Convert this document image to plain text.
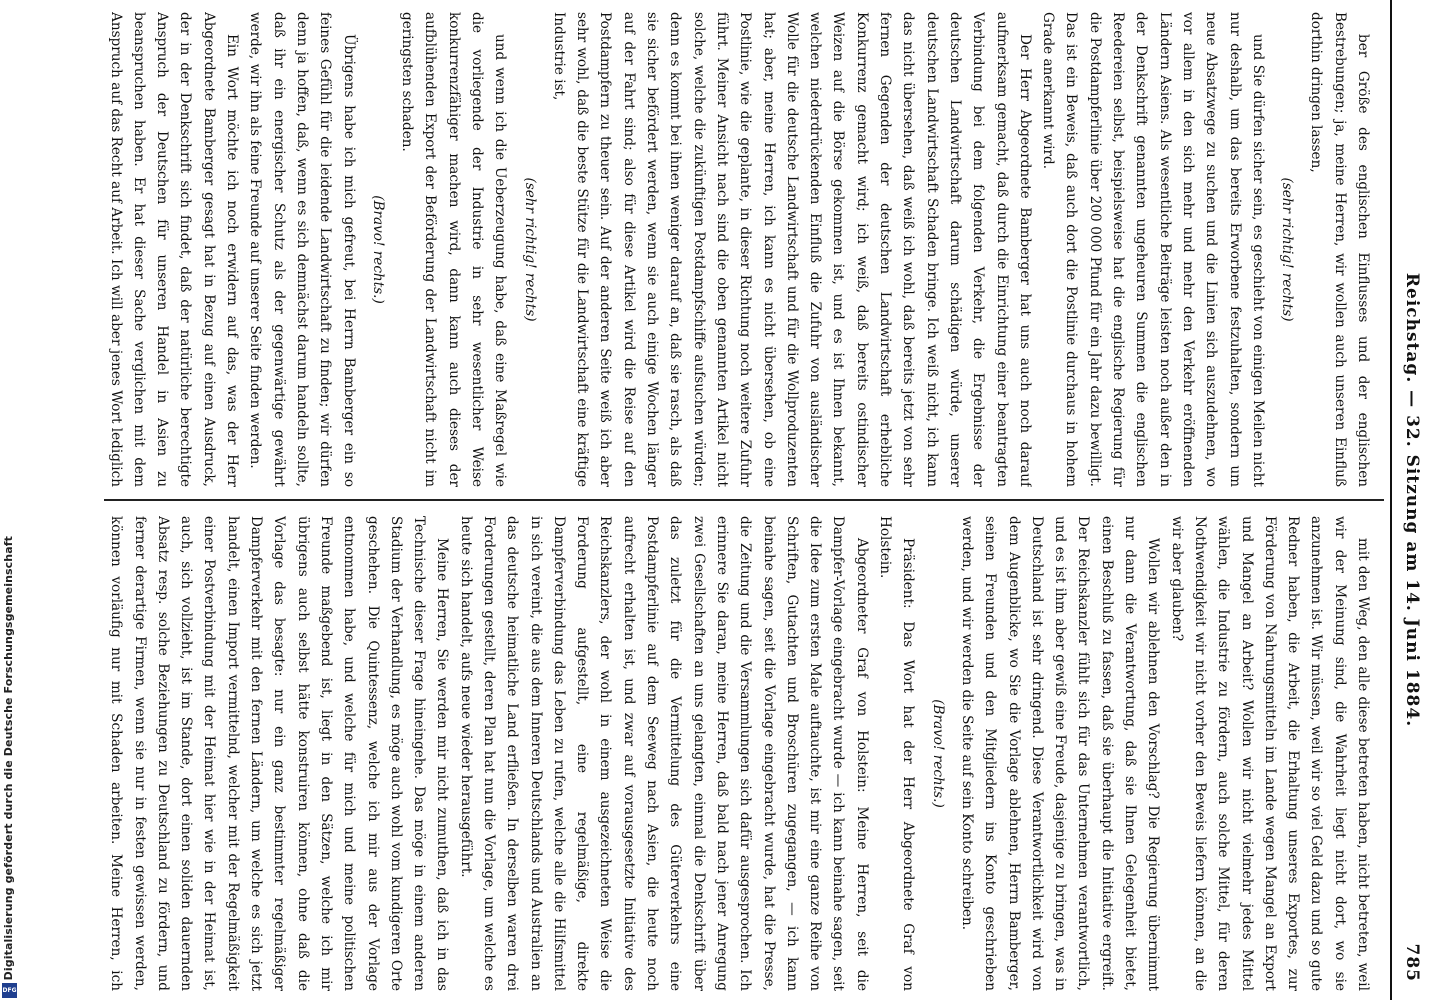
Digitalisierung gefördert durch die Deutsche Forschungsgemeinschaft
DFG
Reichstag. — 32. Sitzung am 14. Juni 1884.
785

ber Größe des englischen Einflusses und der englischen Bestrebungen; ja, meine Herren, wir wollen auch unseren Einfluß dorthin dringen lassen,

(sehr richtig! rechts)

und Sie dürfen sicher sein, es geschieht von einigen Meilen nicht nur deshalb, um das bereits Erworbene festzuhalten, sondern um neue Absatzwege zu suchen und die Linien sich auszudehnen, wo vor allem in den sich mehr und mehr den Verkehr eröffnenden Ländern Asiens. Als wesentliche Beiträge leisten noch außer den in der Denkschrift genannten ungeheuren Summen die englischen Reedereien selbst, beispielsweise hat die englische Regierung für die Postdampferlinie über 200 000 Pfund für ein Jahr dazu bewilligt. Das ist ein Beweis, daß auch dort die Postlinie durchaus in hohem Grade anerkannt wird.

Der Herr Abgeordnete Bamberger hat uns auch noch darauf aufmerksam gemacht, daß durch die Einrichtung einer beantragten Verbindung bei dem folgenden Verkehr, die Ergebnisse der deutschen Landwirtschaft darum schädigen würde, unserer deutschen Landwirtschaft Schaden bringe. Ich weiß nicht, ich kann das nicht übersehen, daß weiß ich wohl, daß bereits jetzt von sehr fernen Gegenden der deutschen Landwirtschaft erhebliche Konkurrenz gemacht wird; ich weiß, daß bereits ostindischer Weizen auf die Börse gekommen ist, und es ist Ihnen bekannt, welchen niederdrückenden Einfluß die Zufuhr von ausländischer Wolle für die deutsche Landwirtschaft und für die Wollproduzenten hat; aber, meine Herren, ich kann es nicht übersehen, ob eine Postlinie, wie die geplante, in dieser Richtung noch weitere Zufuhr führt. Meiner Ansicht nach sind die oben genannten Artikel nicht solche, welche die zukünftigen Postdampfschiffe aufsuchen würden; denn es kommt bei ihnen weniger darauf an, daß sie rasch, als daß sie sicher befördert werden, wenn sie auch einige Wochen länger auf der Fahrt sind; also für diese Artikel wird die Reise auf den Postdampfern zu theuer sein. Auf der anderen Seite weiß ich aber sehr wohl, daß die beste Stütze für die Landwirtschaft eine kräftige Industrie ist,

(sehr richtig! rechts)

und wenn ich die Ueberzeugung habe, daß eine Maßregel wie die vorliegende der Industrie in sehr wesentlicher Weise konkurrenzfähiger machen wird, dann kann auch dieses der aufblühenden Export der Beförderung der Landwirtschaft nicht im geringsten schaden.

(Bravo! rechts.)

Übrigens habe ich mich gefreut, bei Herrn Bamberger ein so feines Gefühl für die leidende Landwirtschaft zu finden; wir dürfen denn ja hoffen, daß, wenn es sich demnächst darum handeln sollte, daß ihr ein energischer Schutz als der gegenwärtige gewährt werde, wir ihn als feine Freunde auf unserer Seite finden werden.

Ein Wort möchte ich noch erwidern auf das, was der Herr Abgeordnete Bamberger gesagt hat in Bezug auf einen Ausdruck, der in der Denkschrift sich findet, daß der natürliche berechtigte Anspruch der Deutschen für unseren Handel in Asien zu beanspruchen haben. Er hat dieser Sache verglichen mit dem Anspruch auf das Recht auf Arbeit. Ich will aber jenes Wort lediglich

mit den Weg, den alle diese betreten haben, nicht betreten, weil wir der Meinung sind, die Wahrheit liegt nicht dort, wo sie anzunehmen ist. Wir müssen, weil wir so viel Geld dazu und so gute Redner haben, die Arbeit, die Erhaltung unseres Exportes, zur Förderung von Nahrungsmitteln im Lande wegen Mangel an Export und Mangel an Arbeit? Wollen wir nicht vielmehr jedes Mittel wählen, die Industrie zu fördern, auch solche Mittel, für deren Nothwendigkeit wir nicht vorher den Beweis liefern können, an die wir aber glauben?

Wollen wir ablehnen den Vorschlag? Die Regierung übernimmt nur dann die Verantwortung, daß sie Ihnen Gelegenheit bietet, einen Beschluß zu fassen, daß sie überhaupt die Initiative ergreift. Der Reichskanzler fühlt sich für das Unternehmen verantwortlich, und es ist ihm aber gewiß eine Freude, dasjenige zu bringen, was in Deutschland ist sehr dringend. Diese Verantwortlichkeit wird von dem Augenblicke, wo Sie die Vorlage ablehnen, Herrn Bamberger, seinen Freunden und den Mitgliedern ins Konto geschrieben werden, und wir werden die Seite auf sein Konto schreiben.

(Bravo! rechts.)

Präsident: Das Wort hat der Herr Abgeordnete Graf von Holstein.

Abgeordneter Graf von Holstein: Meine Herren, seit die Dampfer-Vorlage eingebracht wurde — ich kann beinahe sagen, seit die Idee zum ersten Male auftauchte, ist mir eine ganze Reihe von Schriften, Gutachten und Broschüren zugegangen, — ich kann beinahe sagen, seit die Vorlage eingebracht wurde, hat die Presse, die Zeitung und die Versammlungen sich dafür ausgesprochen. Ich erinnere Sie daran, meine Herren, daß bald nach jener Anregung zwei Gesellschaften an uns gelangten, einmal die Denkschrift über das zuletzt für die Vermittelung des Güterverkehrs eine Postdampferlinie auf dem Seeweg nach Asien, die heute noch aufrecht erhalten ist, und zwar auf vorausgesetzte Initiative des Reichskanzlers, der wohl in einem ausgezeichneten Weise die Forderung aufgestellt, eine regelmäßige, direkte Dampferverbindung das Leben zu rufen, welche alle die Hilfsmittel in sich vereint, die aus dem Inneren Deutschlands und Australien an das deutsche heimatliche Land erfließen. In derselben waren drei Forderungen gestellt, deren Plan hat nun die Vorlage, um welche es heute sich handelt, aufs neue wieder herausgeführt.

Meine Herren, Sie werden mir nicht zumuthen, daß ich in das Technische dieser Frage hineingehe. Das möge in einem anderen Stadium der Verhandlung, es möge auch wohl vom kundigeren Orte geschehen. Die Quintessenz, welche ich mir aus der Vorlage entnommen habe, und welche für mich und meine politischen Freunde maßgebend ist, liegt in den Sätzen, welche ich mir übrigens auch selbst hätte konstruiren können, ohne daß die Vorlage das besagte: nur ein ganz bestimmter regelmäßiger Dampferverkehr mit den fernen Ländern, um welche es sich jetzt handelt, einen Import vermittelnd, welcher mit der Regelmäßigkeit einer Postverbindung mit der Heimat hier wie in der Heimat ist, auch, sich vollzieht, ist im Stande, dort einen soliden dauernden Absatz resp. solche Beziehungen zu Deutschland zu fördern, und ferner derartige Firmen, wenn sie nur in festen gewissen werden, können vorläufig nur mit Schaden arbeiten. Meine Herren, ich
